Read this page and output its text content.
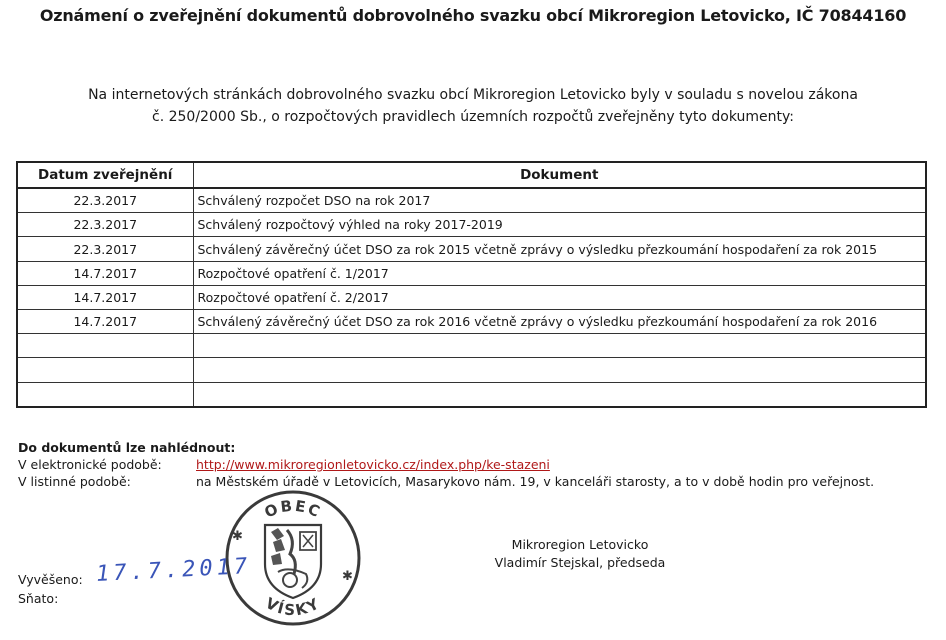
Oznámení o zveřejnění dokumentů dobrovolného svazku obcí Mikroregion Letovicko, IČ 70844160
Na internetových stránkách dobrovolného svazku obcí Mikroregion Letovicko byly v souladu s novelou zákona
č. 250/2000 Sb., o rozpočtových pravidlech územních rozpočtů zveřejněny tyto dokumenty:
Datum zveřejnění	Dokument
22.3.2017	Schválený rozpočet DSO na rok 2017
22.3.2017	Schválený rozpočtový výhled na roky 2017-2019
22.3.2017	Schválený závěrečný účet DSO za rok 2015 včetně zprávy o výsledku přezkoumání hospodaření za rok 2015
14.7.2017	Rozpočtové opatření č. 1/2017
14.7.2017	Rozpočtové opatření č. 2/2017
14.7.2017	Schválený závěrečný účet DSO za rok 2016 včetně zprávy o výsledku přezkoumání hospodaření za rok 2016

Do dokumentů lze nahlédnout:
V elektronické podobě:	http://www.mikroregionletovicko.cz/index.php/ke-stazeni
V listinné podobě:	na Městském úřadě v Letovicích, Masarykovo nám. 19, v kanceláři starosty, a to v době hodin pro veřejnost.
OBEC
VÍSKY
✱
✱
17.7.2017
Vyvěšeno:
Sňato:
Mikroregion Letovicko
Vladimír Stejskal, předseda
